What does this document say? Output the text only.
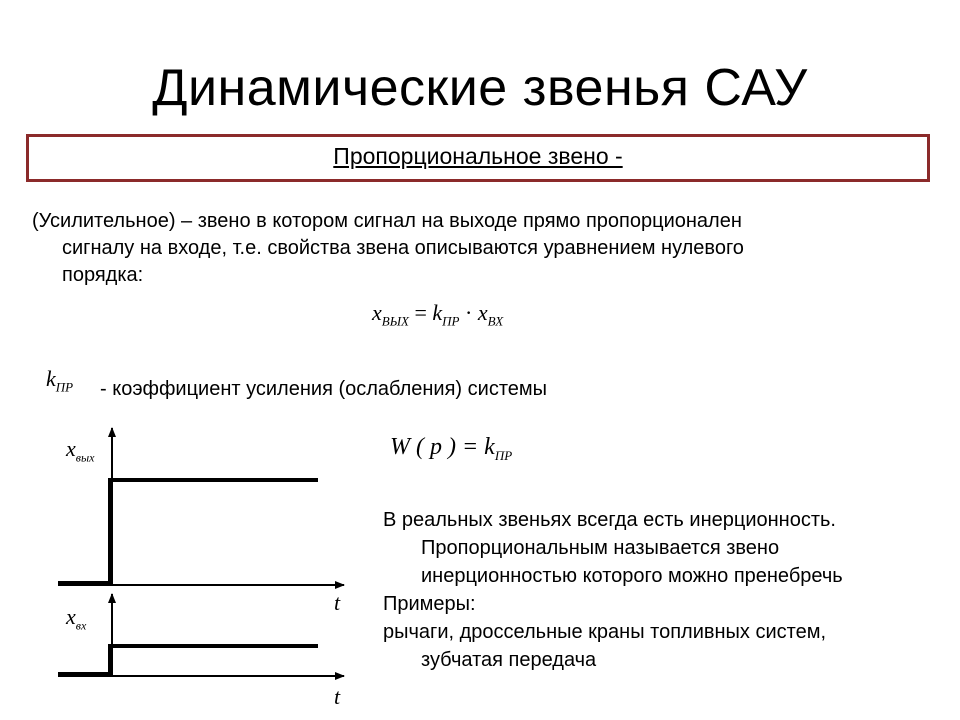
Динамические звенья САУ
Пропорциональное звено -

(Усилительное) – звено в котором сигнал на выходе прямо пропорционален
сигналу на входе, т.е. свойства звена описываются уравнением нулевого
порядка:

$x_{ВЫХ} = k_{ПР} \cdot x_{ВХ}$
$k_{ПР}$ - коэффициент усиления (ослабления) системы

W ( p ) = $k_{ПР}$
$x_{вых}$
t
$x_{вх}$
t

В реальных звеньях всегда есть инерционность.

Пропорциональным называется звено
инерционностью которого можно пренебречь
Примеры:
рычаги, дроссельные краны топливных систем,
зубчатая передача
